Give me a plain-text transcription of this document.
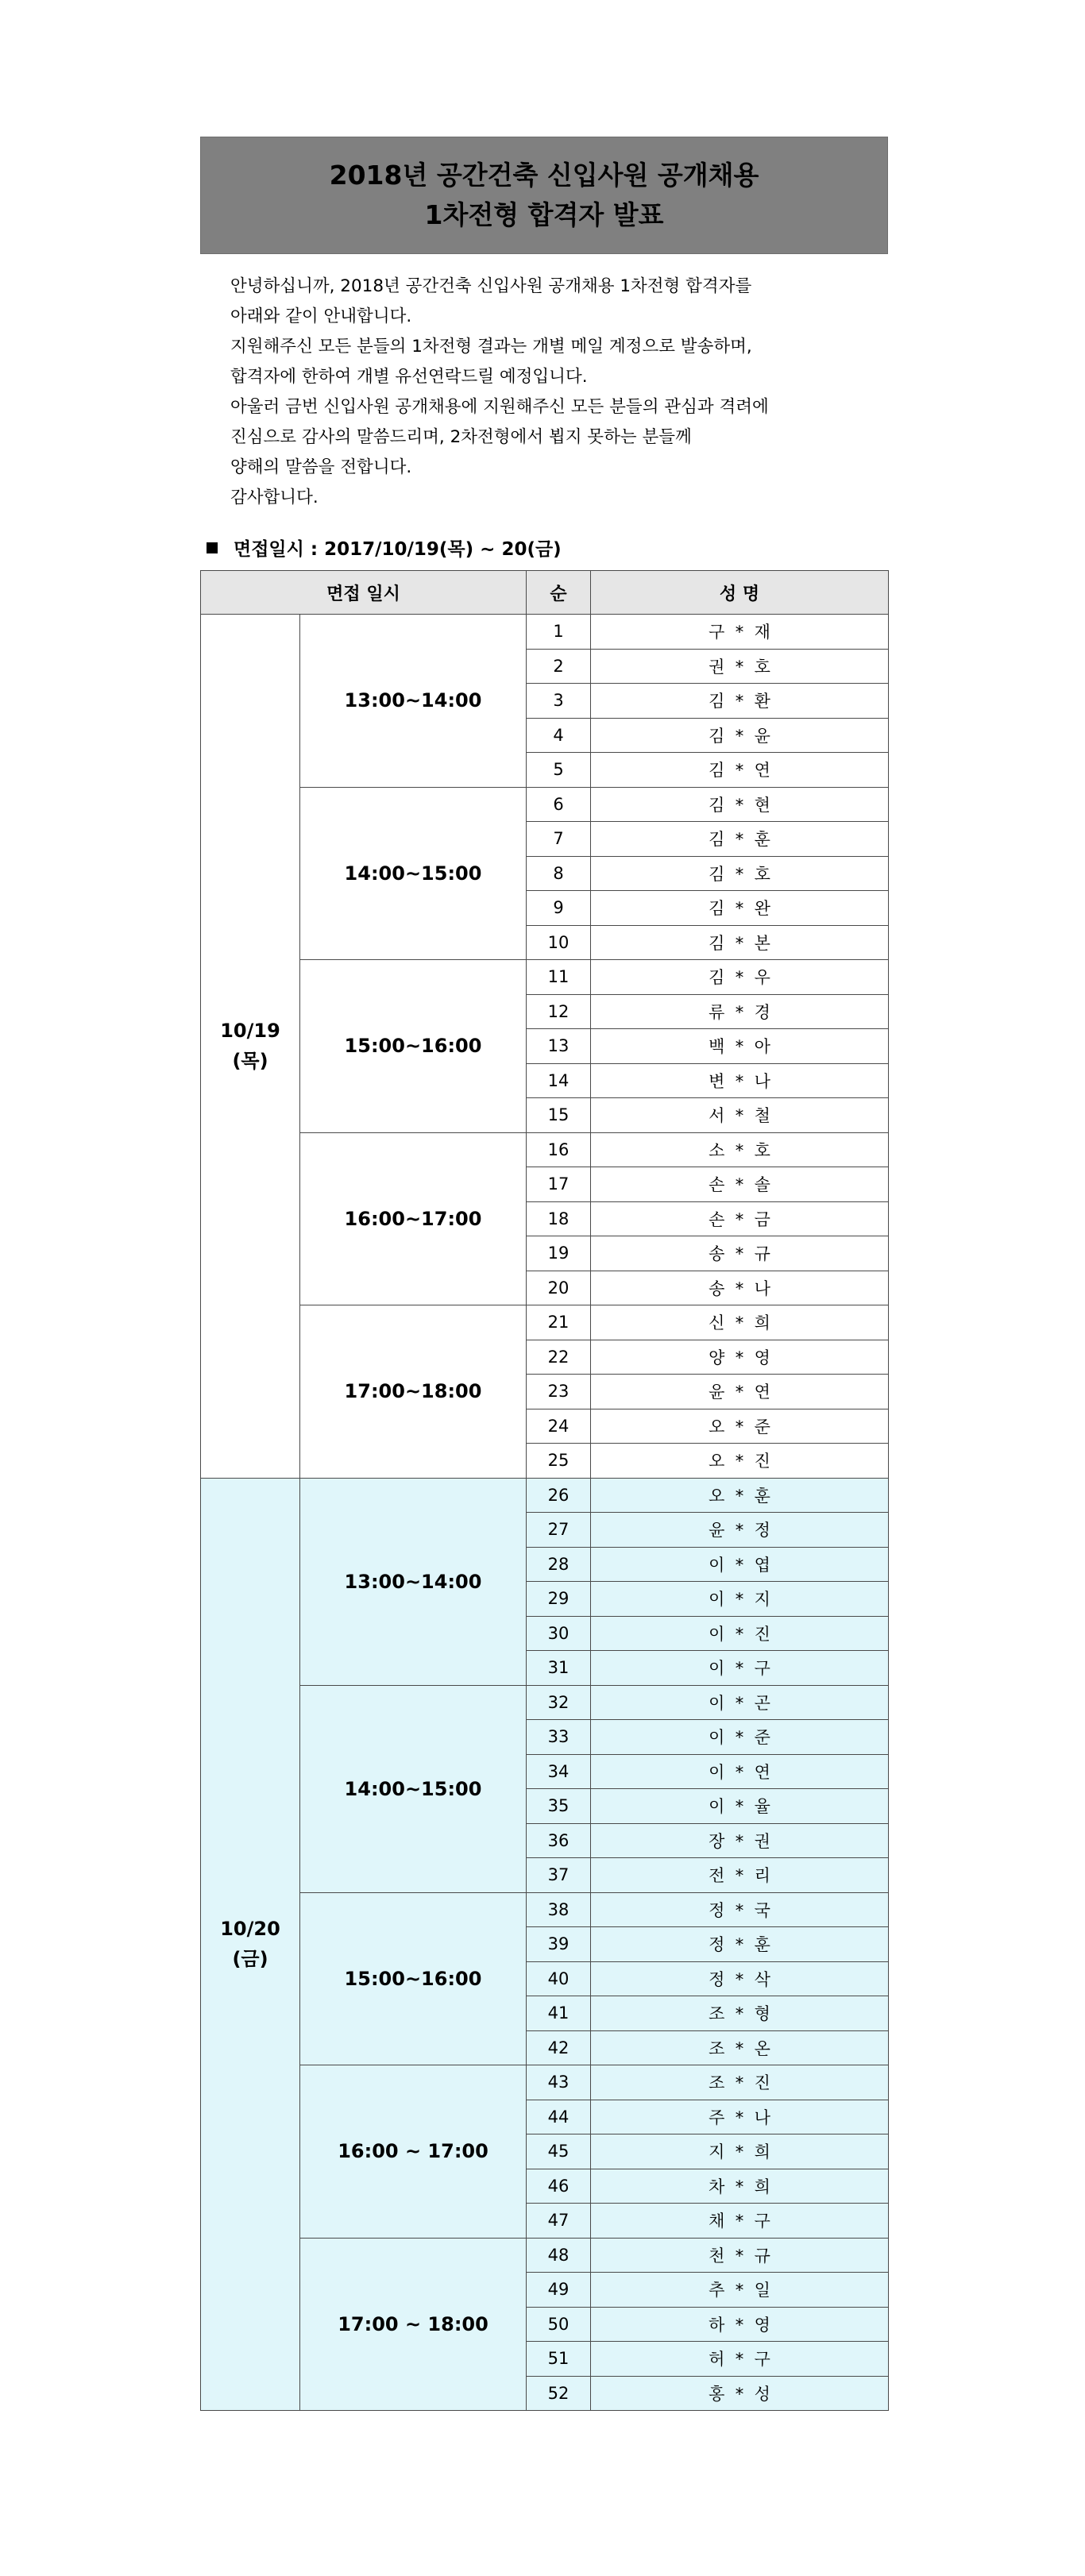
2018년 공간건축 신입사원 공개채용
1차전형 합격자 발표
안녕하십니까, 2018년 공간건축 신입사원 공개채용 1차전형 합격자를
아래와 같이 안내합니다.
지원해주신 모든 분들의 1차전형 결과는 개별 메일 계정으로 발송하며,
합격자에 한하여 개별 유선연락드릴 예정입니다.
아울러 금번 신입사원 공개채용에 지원해주신 모든 분들의 관심과 격려에
진심으로 감사의 말씀드리며, 2차전형에서 뵙지 못하는 분들께
양해의 말씀을 전합니다.
감사합니다.
면접일시 : 2017/10/19(목) ~ 20(금)
면접 일시		순	성 명

10/19
(목)	13:00~14:00	1	구  *  재
		2	권  *  호
		3	김  *  환
		4	김  *  윤
		5	김  *  연
	14:00~15:00	6	김  *  현
		7	김  *  훈
		8	김  *  호
		9	김  *  완
		10	김  *  본
	15:00~16:00	11	김  *  우
		12	류  *  경
		13	백  *  아
		14	변  *  나
		15	서  *  철
	16:00~17:00	16	소  *  호
		17	손  *  솔
		18	손  *  금
		19	송  *  규
		20	송  *  나
	17:00~18:00	21	신  *  희
		22	양  *  영
		23	윤  *  연
		24	오  *  준
		25	오  *  진

10/20
(금)	13:00~14:00	26	오  *  훈
		27	윤  *  정
		28	이  *  엽
		29	이  *  지
		30	이  *  진
		31	이  *  구
	14:00~15:00	32	이  *  곤
		33	이  *  준
		34	이  *  연
		35	이  *  율
		36	장  *  권
		37	전  *  리
	15:00~16:00	38	정  *  국
		39	정  *  훈
		40	정  *  삭
		41	조  *  형
		42	조  *  온
	16:00 ~ 17:00	43	조  *  진
		44	주  *  나
		45	지  *  희
		46	차  *  희
		47	채  *  구
	17:00 ~ 18:00	48	천  *  규
		49	추  *  일
		50	하  *  영
		51	허  *  구
		52	홍  *  성
